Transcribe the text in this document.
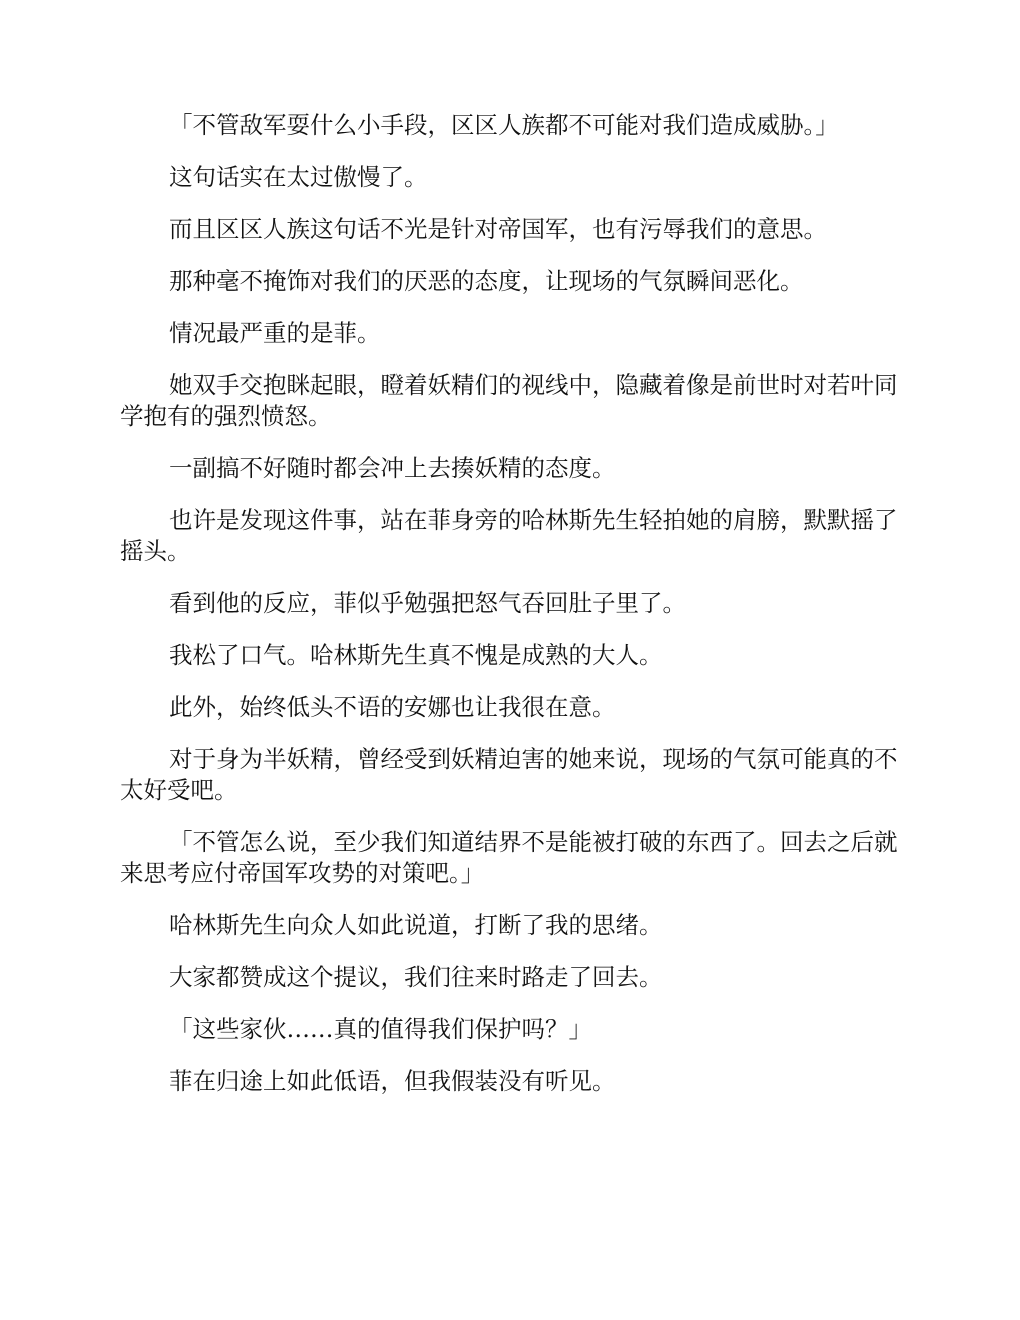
「不管敌军耍什么小手段，区区人族都不可能对我们造成威胁。」

这句话实在太过傲慢了。

而且区区人族这句话不光是针对帝国军，也有污辱我们的意思。

那种毫不掩饰对我们的厌恶的态度，让现场的气氛瞬间恶化。

情况最严重的是菲。

她双手交抱眯起眼，瞪着妖精们的视线中，隐藏着像是前世时对若叶同学抱有的强烈愤怒。

一副搞不好随时都会冲上去揍妖精的态度。

也许是发现这件事，站在菲身旁的哈林斯先生轻拍她的肩膀，默默摇了摇头。

看到他的反应，菲似乎勉强把怒气吞回肚子里了。

我松了口气。哈林斯先生真不愧是成熟的大人。

此外，始终低头不语的安娜也让我很在意。

对于身为半妖精，曾经受到妖精迫害的她来说，现场的气氛可能真的不太好受吧。

「不管怎么说，至少我们知道结界不是能被打破的东西了。回去之后就来思考应付帝国军攻势的对策吧。」

哈林斯先生向众人如此说道，打断了我的思绪。

大家都赞成这个提议，我们往来时路走了回去。

「这些家伙……真的值得我们保护吗？」

菲在归途上如此低语，但我假装没有听见。
